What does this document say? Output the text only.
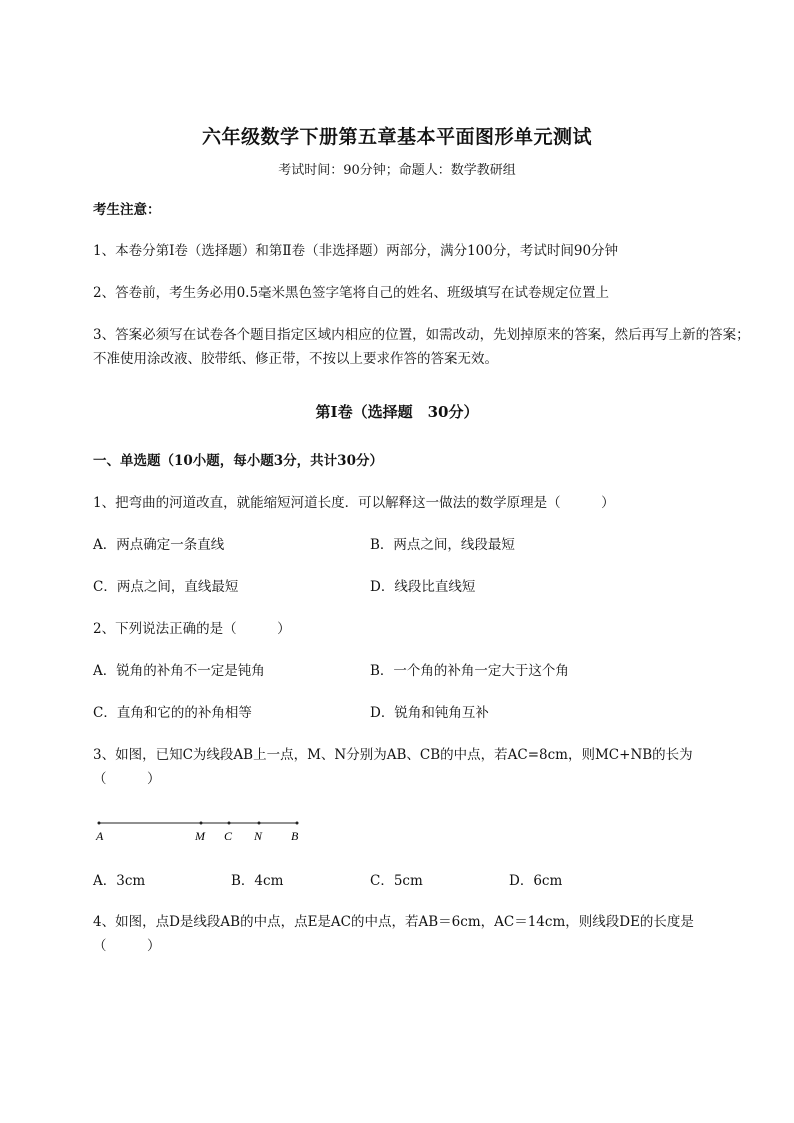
六年级数学下册第五章基本平面图形单元测试
考试时间：90分钟；命题人：数学教研组
考生注意：
1、本卷分第Ⅰ卷（选择题）和第Ⅱ卷（非选择题）两部分，满分100分，考试时间90分钟
2、答卷前，考生务必用0.5毫米黑色签字笔将自己的姓名、班级填写在试卷规定位置上
3、答案必须写在试卷各个题目指定区域内相应的位置，如需改动，先划掉原来的答案，然后再写上新的答案；不准使用涂改液、胶带纸、修正带，不按以上要求作答的答案无效。
第Ⅰ卷（选择题　30分）
一、单选题（10小题，每小题3分，共计30分）
1、把弯曲的河道改直，就能缩短河道长度．可以解释这一做法的数学原理是（　　　）
A．两点确定一条直线	B．两点之间，线段最短
C．两点之间，直线最短	D．线段比直线短
2、下列说法正确的是（　　　）
A．锐角的补角不一定是钝角	B．一个角的补角一定大于这个角
C．直角和它的的补角相等	D．锐角和钝角互补
3、如图，已知C为线段AB上一点，M、N分别为AB、CB的中点，若AC=8cm，则MC+NB的长为（　　　）
A	M C N B
A．3cm	B．4cm	C．5cm	D．6cm
4、如图，点D是线段AB的中点，点E是AC的中点，若AB＝6cm，AC＝14cm，则线段DE的长度是（　　　）
